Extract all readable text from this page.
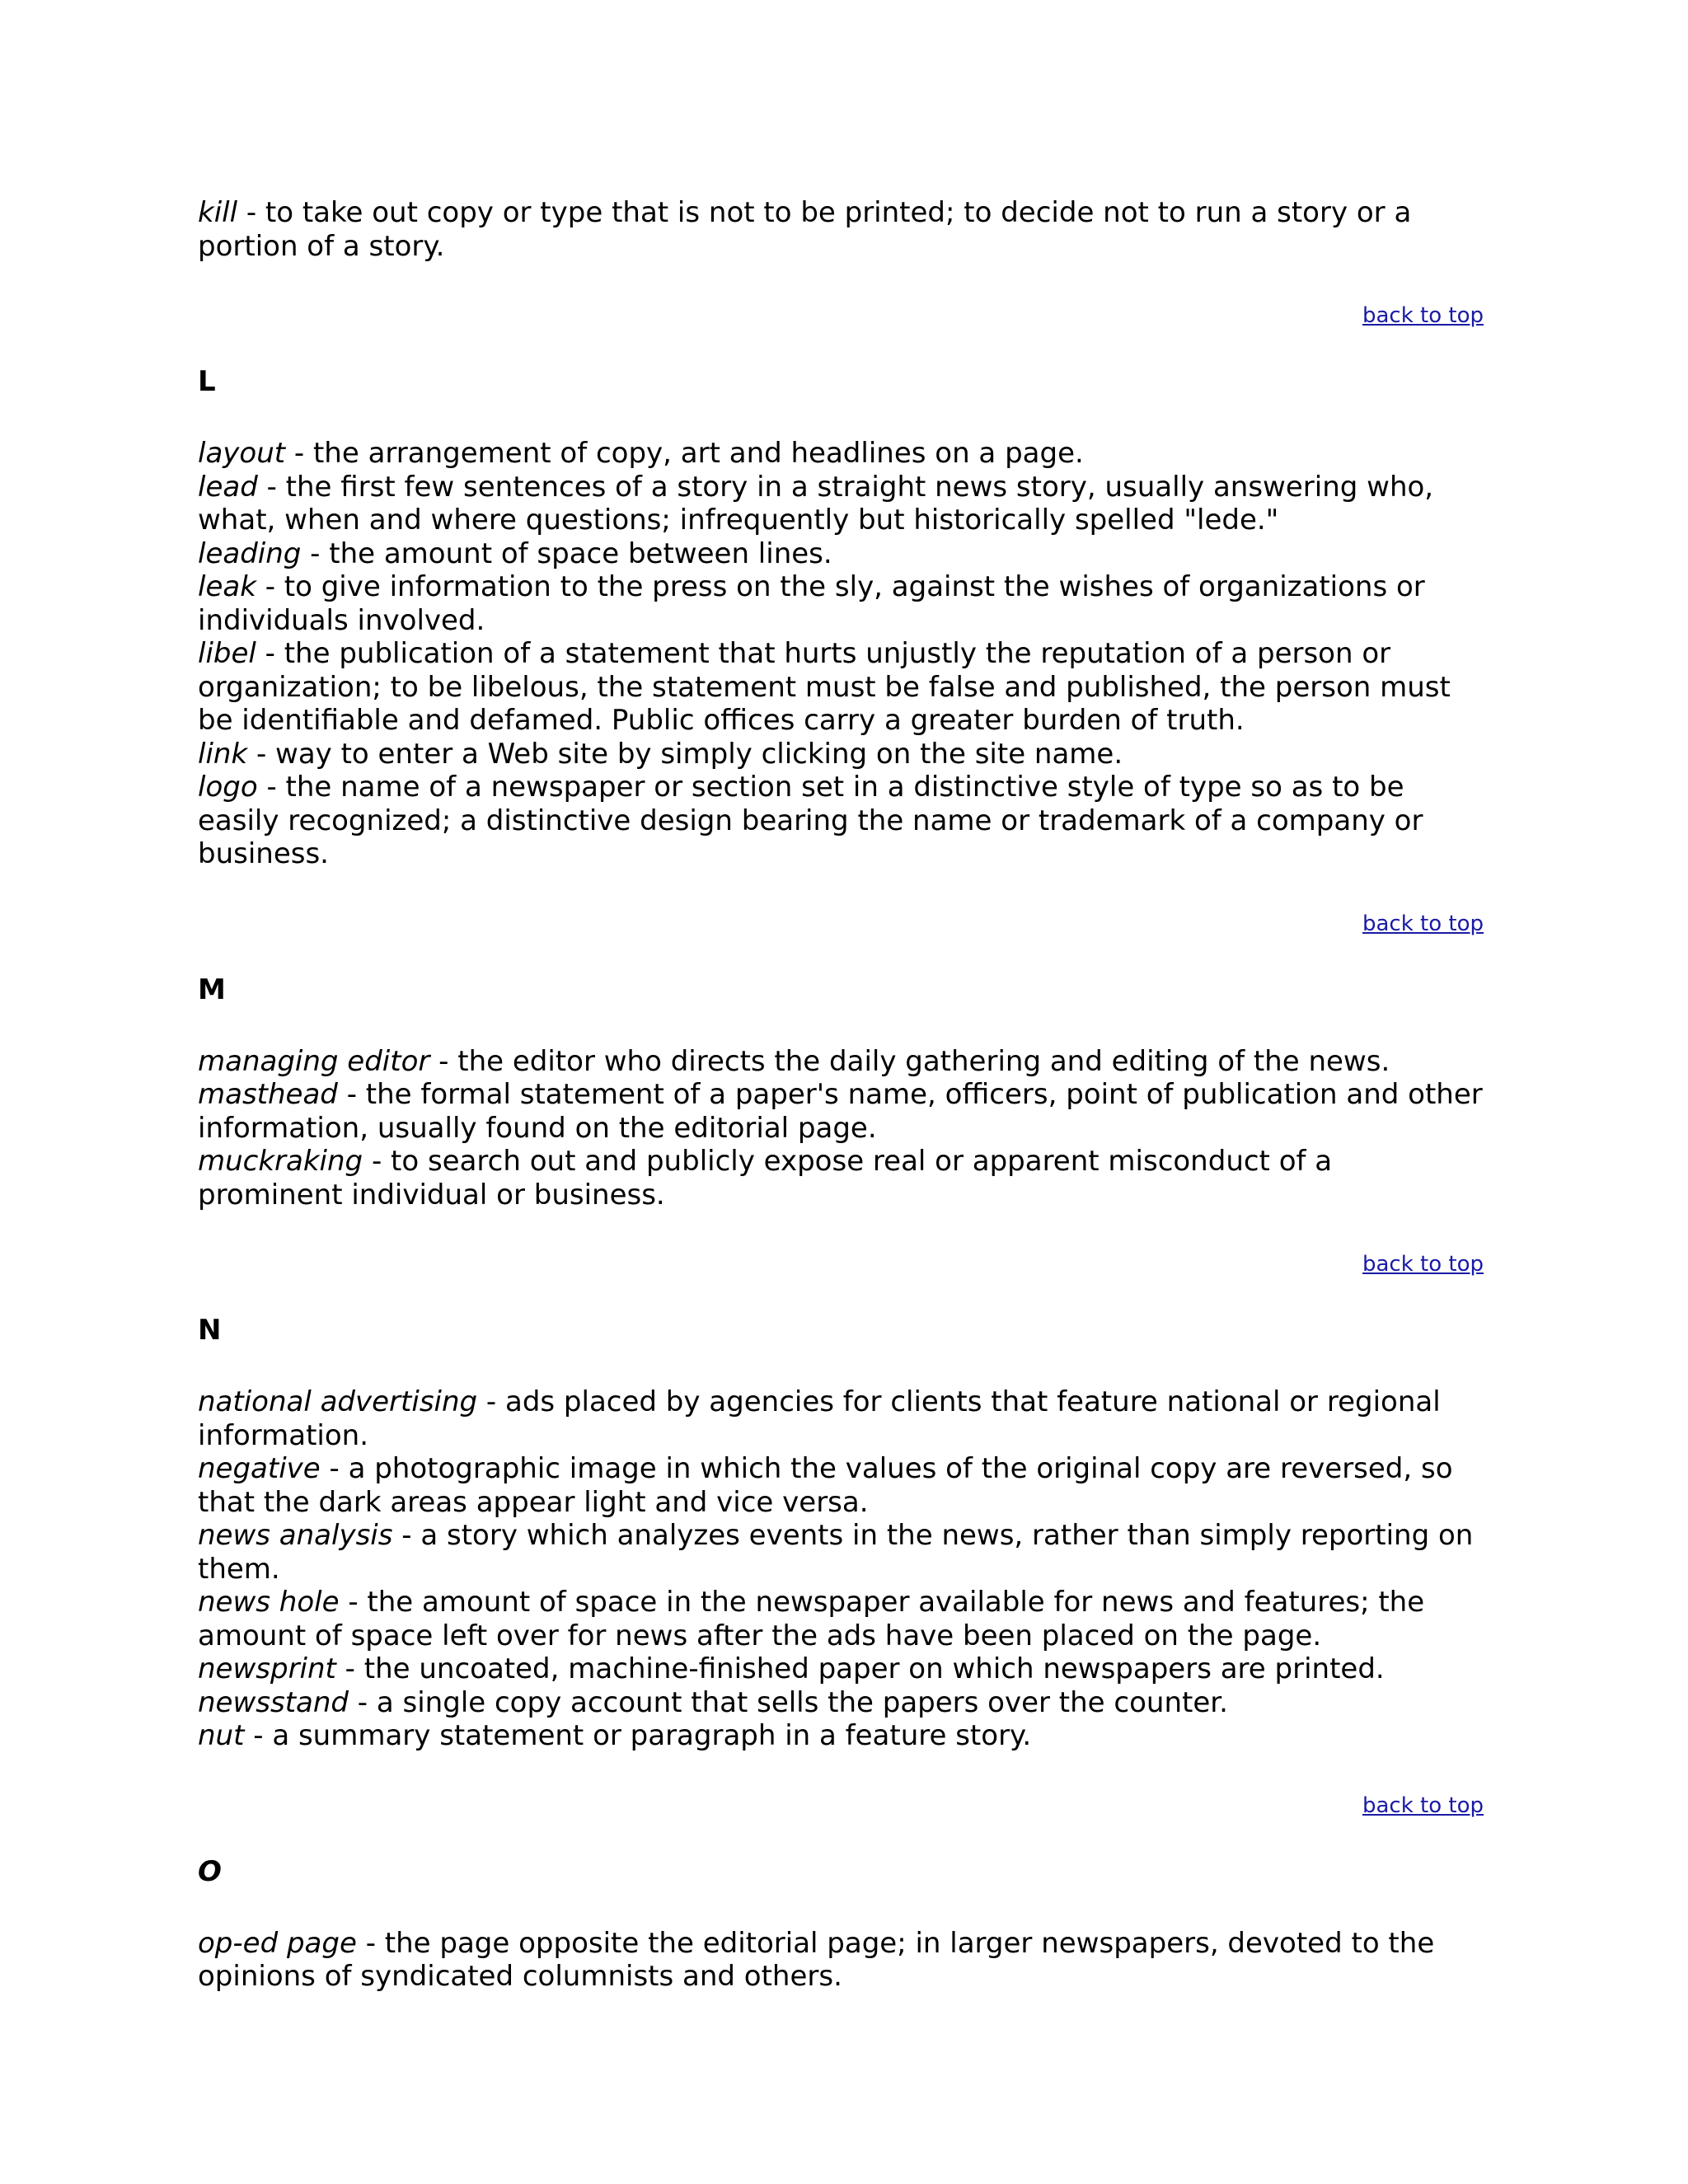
kill - to take out copy or type that is not to be printed; to decide not to run a story or a portion of a story.
back to top
L
layout - the arrangement of copy, art and headlines on a page.
lead - the first few sentences of a story in a straight news story, usually answering who, what, when and where questions; infrequently but historically spelled "lede."
leading - the amount of space between lines.
leak - to give information to the press on the sly, against the wishes of organizations or individuals involved.
libel - the publication of a statement that hurts unjustly the reputation of a person or organization; to be libelous, the statement must be false and published, the person must be identifiable and defamed. Public offices carry a greater burden of truth.
link - way to enter a Web site by simply clicking on the site name.
logo - the name of a newspaper or section set in a distinctive style of type so as to be easily recognized; a distinctive design bearing the name or trademark of a company or business.
back to top
M
managing editor - the editor who directs the daily gathering and editing of the news.
masthead - the formal statement of a paper's name, officers, point of publication and other information, usually found on the editorial page.
muckraking - to search out and publicly expose real or apparent misconduct of a prominent individual or business.
back to top
N
national advertising - ads placed by agencies for clients that feature national or regional information.
negative - a photographic image in which the values of the original copy are reversed, so that the dark areas appear light and vice versa.
news analysis - a story which analyzes events in the news, rather than simply reporting on them.
news hole - the amount of space in the newspaper available for news and features; the amount of space left over for news after the ads have been placed on the page.
newsprint - the uncoated, machine-finished paper on which newspapers are printed.
newsstand - a single copy account that sells the papers over the counter.
nut - a summary statement or paragraph in a feature story.
back to top
O
op-ed page - the page opposite the editorial page; in larger newspapers, devoted to the opinions of syndicated columnists and others.
